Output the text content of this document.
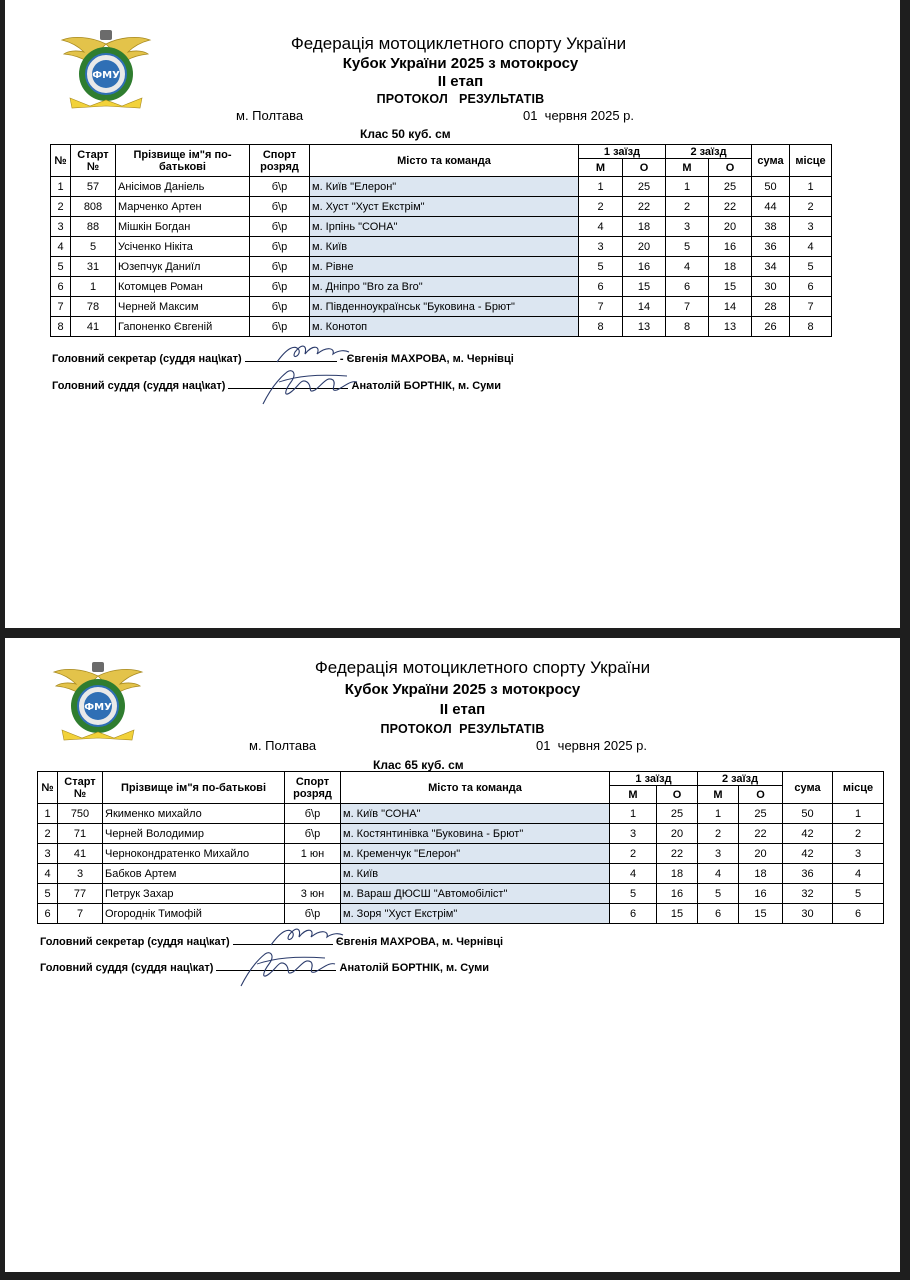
ФМУ
Федерація мотоциклетного спорту України
Кубок України 2025 з мотокросу
ІІ етап
ПРОТОКОЛ   РЕЗУЛЬТАТІВ
м. Полтава	01  червня 2025 р.
Клас 50 куб. см
№	Старт №	Прізвище ім"я по-батькові	Спорт розряд	Місто та команда	1 заїзд		2 заїзд		сума	місце
					М	О	М	О		
1	57	Анісімов Даніель	б\р	м. Київ "Елерон"	1	25	1	25	50	1
2	808	Марченко Артен	б\р	м. Хуст "Хуст Екстрім"	2	22	2	22	44	2
3	88	Мішкін Богдан	б\р	м. Ірпінь "СОНА"	4	18	3	20	38	3
4	5	Усіченко Нікіта	б\р	м. Київ	3	20	5	16	36	4
5	31	Юзепчук Даниїл	б\р	м. Рівне	5	16	4	18	34	5
6	1	Котомцев Роман	б\р	м. Дніпро "Bro za Bro"	6	15	6	15	30	6
7	78	Черней Максим	б\р	м. Південноукраїнськ "Буковина - Брют"	7	14	7	14	28	7
8	41	Гапоненко Євгеній	б\р	м. Конотоп	8	13	8	13	26	8
Головний секретар (суддя нац\кат)	- Євгенія МАХРОВА, м. Чернівці
Головний суддя (суддя нац\кат)	Анатолій БОРТНІК, м. Суми
ФМУ
Федерація мотоциклетного спорту України
Кубок України 2025 з мотокросу
ІІ етап
ПРОТОКОЛ  РЕЗУЛЬТАТІВ
м. Полтава	01  червня 2025 р.
Клас 65 куб. см
№	Старт №	Прізвище ім"я по-батькові	Спорт розряд	Місто та команда	1 заїзд		2 заїзд		сума	місце
					М	О	М	О		
1	750	Якименко михайло	б\р	м. Київ "СОНА"	1	25	1	25	50	1
2	71	Черней Володимир	б\р	м. Костянтинівка "Буковина - Брют"	3	20	2	22	42	2
3	41	Чернокондратенко Михайло	1 юн	м. Кременчук "Елерон"	2	22	3	20	42	3
4	3	Бабков Артем		м. Київ	4	18	4	18	36	4
5	77	Петрук Захар	3 юн	м. Вараш ДЮСШ "Автомобіліст"	5	16	5	16	32	5
6	7	Огороднік Тимофій	б\р	м. Зоря "Хуст Екстрім"	6	15	6	15	30	6
Головний секретар (суддя нац\кат)	Євгенія МАХРОВА, м. Чернівці
Головний суддя (суддя нац\кат)	Анатолій БОРТНІК, м. Суми
